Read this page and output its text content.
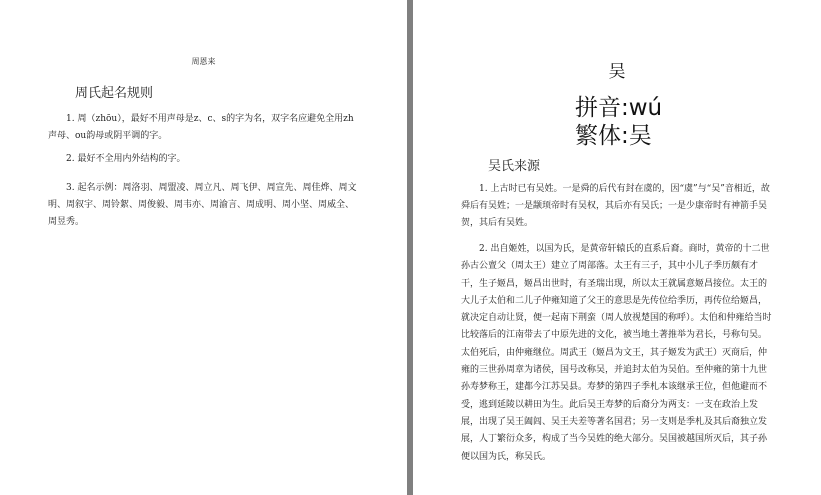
周恩来
周氏起名规则

1. 周（zhōu），最好不用声母是z、c、s的字为名，双字名应避免全用zh声母、ou韵母或阴平调的字。

2. 最好不全用内外结构的字。

3. 起名示例：周洛羽、周盟凌、周立凡、周飞伊、周宣先、周佳烨、周文明、周叙宇、周铃絮、周俊毅、周韦亦、周渝言、周成明、周小坚、周威全、周昱秀。

吴
拼音:wú
繁体:吴
吴氏来源

1. 上古时已有吴姓。一是舜的后代有封在虞的，因“虞”与“吴”音相近，故舜后有吴姓；一是颛顼帝时有吴权，其后亦有吴氏；一是少康帝时有神箭手吴贺，其后有吴姓。

2. 出自姬姓，以国为氏，是黄帝轩辕氏的直系后裔。商时，黄帝的十二世孙古公亶父（周太王）建立了周部落。太王有三子，其中小儿子季历颇有才干，生子姬昌，姬昌出世时，有圣瑞出现，所以太王就属意姬昌接位。太王的大儿子太伯和二儿子仲雍知道了父王的意思是先传位给季历，再传位给姬昌，就决定自动让贤，便一起南下荆蛮（周人放视楚国的称呼）。太伯和仲雍给当时比较落后的江南带去了中原先进的文化，被当地土著推举为君长，号称句吴。太伯死后，由仲雍继位。周武王（姬昌为文王，其子姬发为武王）灭商后，仲雍的三世孙周章为诸侯，国号改称吴，并追封太伯为吴伯。至仲雍的第十九世孙寿梦称王，建都今江苏吴县。寿梦的第四子季札本该继承王位，但他避而不受，逃到延陵以耕田为生。此后吴王寿梦的后裔分为两支：一支在政治上发展，出现了吴王阖闾、吴王夫差等著名国君；另一支则是季札及其后裔独立发展，人丁繁衍众多，构成了当今吴姓的绝大部分。吴国被越国所灭后，其子孙便以国为氏，称吴氏。
